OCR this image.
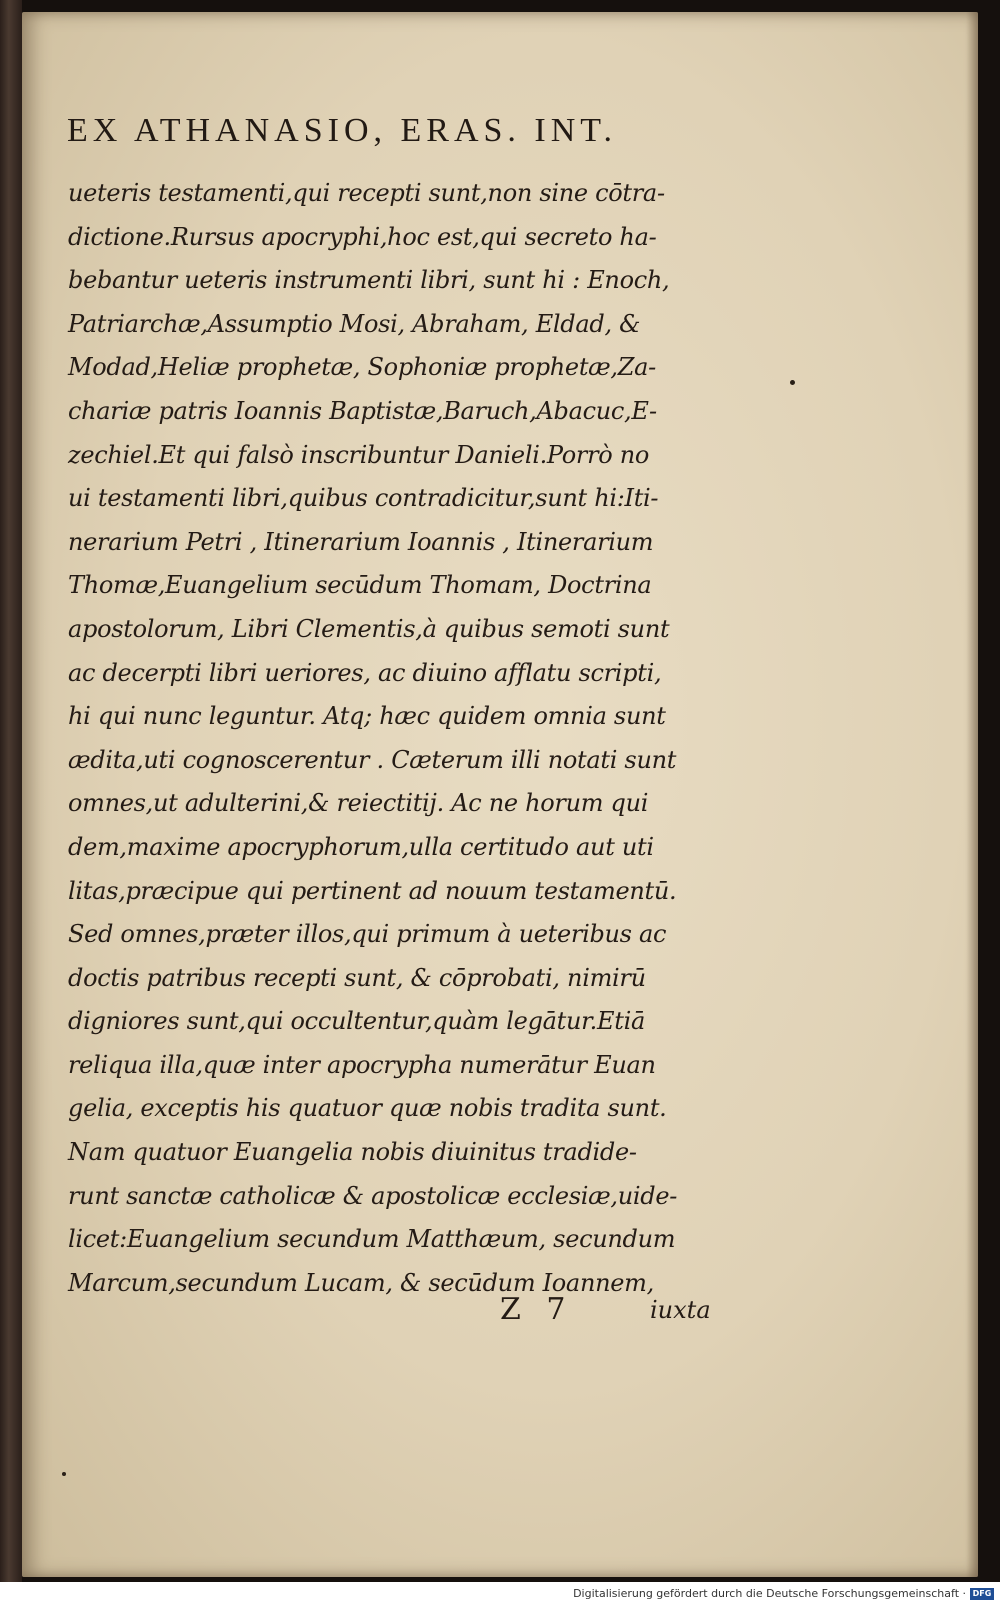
EX ATHANASIO, ERAS. INT.
ueteris testamenti,qui recepti sunt,non sine cōtra-
dictione.Rursus apocryphi,hoc est,qui secreto ha-
bebantur ueteris instrumenti libri, sunt hi : Enoch,
Patriarchæ,Assumptio Mosi, Abraham, Eldad, &
Modad,Heliæ prophetæ, Sophoniæ prophetæ,Za-
chariæ patris Ioannis Baptistæ,Baruch,Abacuc,E-
zechiel.Et qui falsò inscribuntur Danieli.Porrò no
ui testamenti libri,quibus contradicitur,sunt hi:Iti-
nerarium Petri , Itinerarium Ioannis , Itinerarium
Thomæ,Euangelium secūdum Thomam, Doctrina
apostolorum, Libri Clementis,à quibus semoti sunt
ac decerpti libri ueriores, ac diuino afflatu scripti,
hi qui nunc leguntur. Atq; hæc quidem omnia sunt
ædita,uti cognoscerentur . Cæterum illi notati sunt
omnes,ut adulterini,& reiectitij. Ac ne horum qui
dem,maxime apocryphorum,ulla certitudo aut uti
litas,præcipue qui pertinent ad nouum testamentū.
Sed omnes,præter illos,qui primum à ueteribus ac
doctis patribus recepti sunt, & cōprobati, nimirū
digniores sunt,qui occultentur,quàm legātur.Etiā
reliqua illa,quæ inter apocrypha numerātur Euan
gelia, exceptis his quatuor quæ nobis tradita sunt.
Nam quatuor Euangelia nobis diuinitus tradide-
runt sanctæ catholicæ & apostolicæ ecclesiæ,uide-
licet:Euangelium secundum Matthæum, secundum
Marcum,secundum Lucam, & secūdum Ioannem,
Z 7	iuxta
Digitalisierung gefördert durch die Deutsche Forschungsgemeinschaft · DFG
